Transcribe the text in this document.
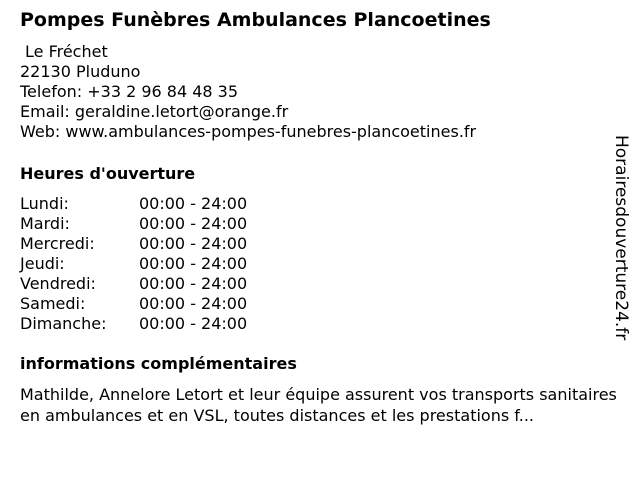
Pompes Funèbres Ambulances Plancoetines
Le Fréchet
22130 Pluduno
Telefon: +33 2 96 84 48 35
Email: geraldine.letort@orange.fr
Web: www.ambulances-pompes-funebres-plancoetines.fr
Heures d'ouverture
Lundi:	00:00 - 24:00
Mardi:	00:00 - 24:00
Mercredi:	00:00 - 24:00
Jeudi:	00:00 - 24:00
Vendredi:	00:00 - 24:00
Samedi:	00:00 - 24:00
Dimanche: 00:00 - 24:00
informations complémentaires
Mathilde, Annelore Letort et leur équipe assurent vos transports sanitaires en ambulances et en VSL, toutes distances et les prestations f...
Horairesdouverture24.fr
